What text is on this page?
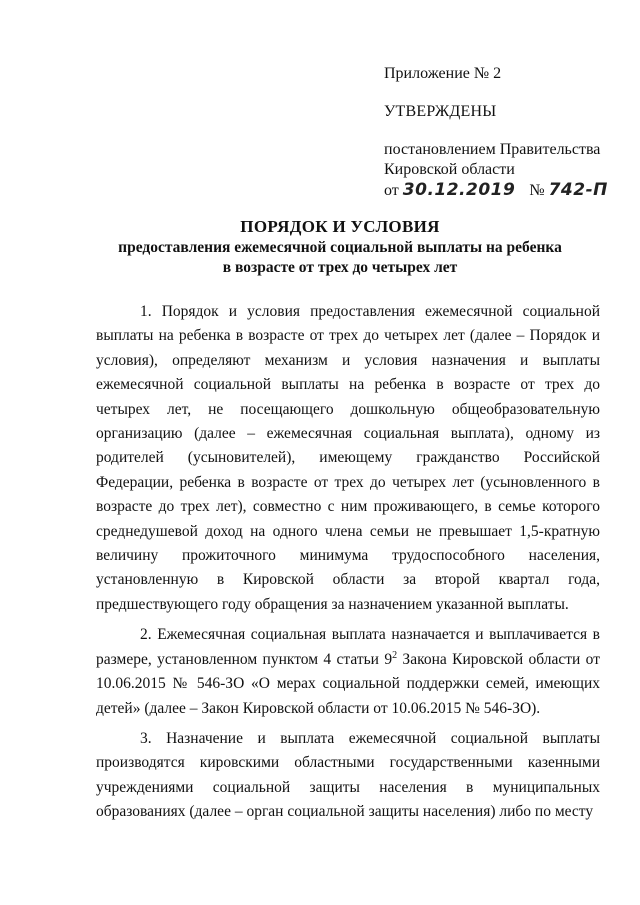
Приложение № 2
УТВЕРЖДЕНЫ
постановлением Правительства
Кировской области
от 30.12.2019 № 742-П
ПОРЯДОК И УСЛОВИЯ
предоставления ежемесячной социальной выплаты на ребенка
в возрасте от трех до четырех лет

1. Порядок и условия предоставления ежемесячной социальной выплаты на ребенка в возрасте от трех до четырех лет (далее – Порядок и условия), определяют механизм и условия назначения и выплаты ежемесячной социальной выплаты на ребенка в возрасте от трех до четырех лет, не посещающего дошкольную общеобразовательную организацию (далее – ежемесячная социальная выплата), одному из родителей (усыновителей), имеющему гражданство Российской Федерации, ребенка в возрасте от трех до четырех лет (усыновленного в возрасте до трех лет), совместно с ним проживающего, в семье которого среднедушевой доход на одного члена семьи не превышает 1,5-кратную величину прожиточного минимума трудоспособного населения, установленную в Кировской области за второй квартал года, предшествующего году обращения за назначением указанной выплаты.

2. Ежемесячная социальная выплата назначается и выплачивается в размере, установленном пунктом 4 статьи $9^2$ Закона Кировской области от 10.06.2015 № 546-ЗО «О мерах социальной поддержки семей, имеющих детей» (далее – Закон Кировской области от 10.06.2015 № 546-ЗО).

3. Назначение и выплата ежемесячной социальной выплаты производятся кировскими областными государственными казенными учреждениями социальной защиты населения в муниципальных образованиях (далее – орган социальной защиты населения) либо по месту
